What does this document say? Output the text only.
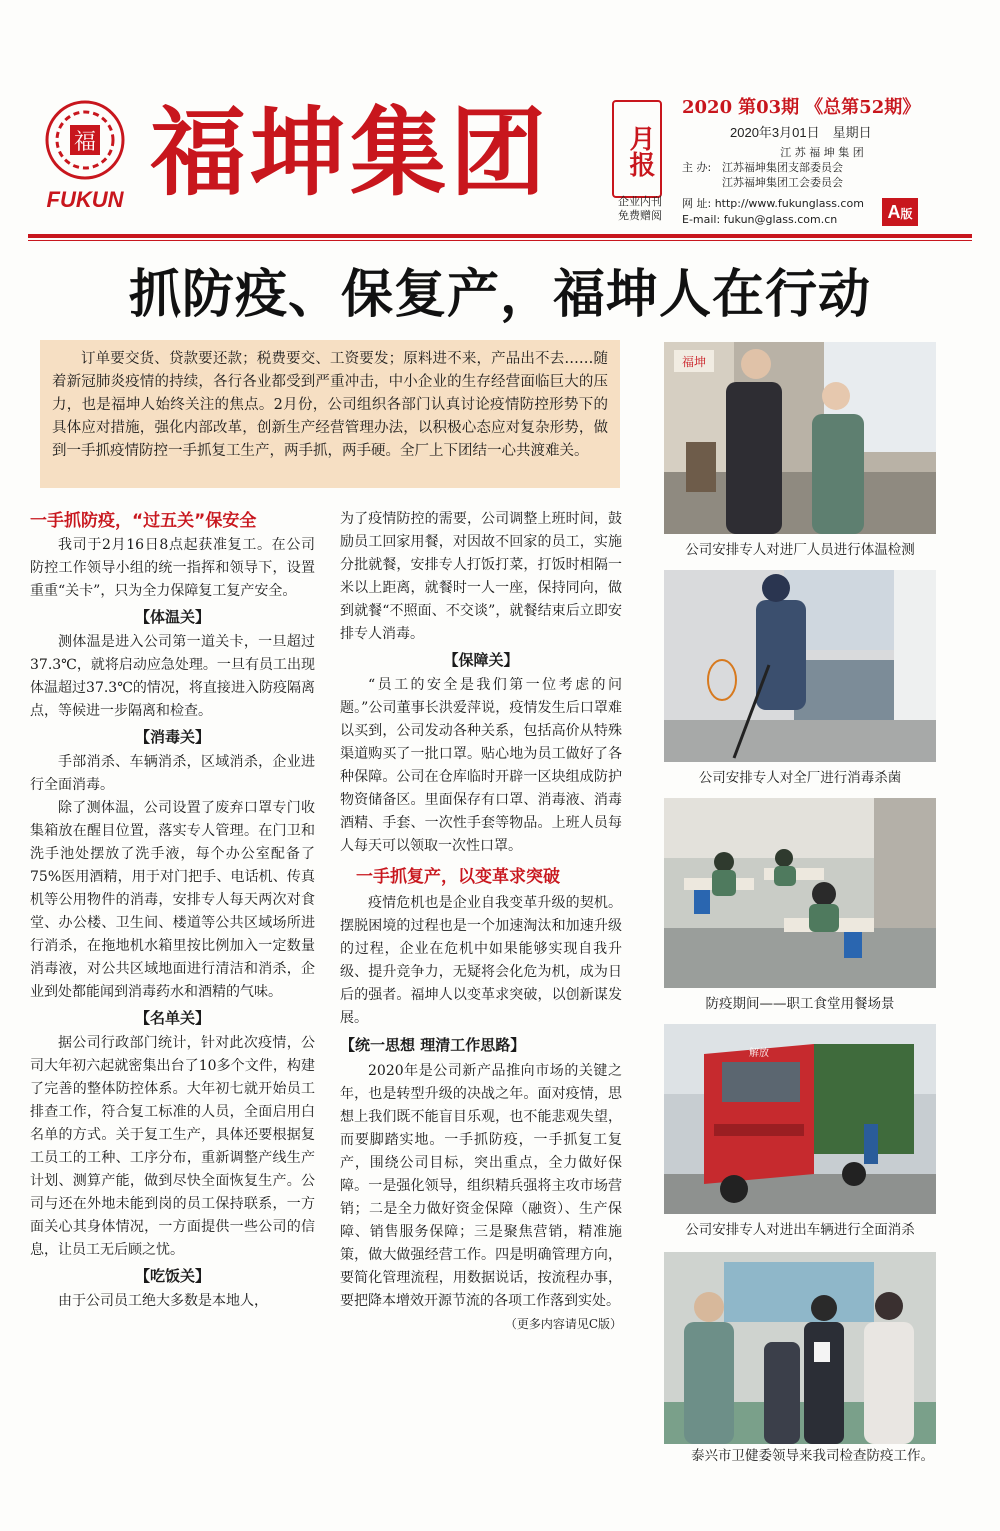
福
FUKUN 福坤集团	月报
企业内刊
免费赠阅
2020 第03期 《总第52期》
2020年3月01日　星期日
主 办:
江 苏 福 坤 集 团
江苏福坤集团支部委员会
江苏福坤集团工会委员会
网 址: http://www.fukunglass.com
E-mail: fukun@glass.com.cn	A版
抓防疫、保复产，福坤人在行动
订单要交货、贷款要还款；税费要交、工资要发；原料进不来，产品出不去……随着新冠肺炎疫情的持续，各行各业都受到严重冲击，中小企业的生存经营面临巨大的压力，也是福坤人始终关注的焦点。2月份，公司组织各部门认真讨论疫情防控形势下的具体应对措施，强化内部改革，创新生产经营管理办法，以积极心态应对复杂形势，做到一手抓疫情防控一手抓复工生产，两手抓，两手硬。全厂上下团结一心共渡难关。
一手抓防疫，“过五关”保安全

我司于2月16日8点起获准复工。在公司防控工作领导小组的统一指挥和领导下，设置重重“关卡”，只为全力保障复工复产安全。

【体温关】

测体温是进入公司第一道关卡，一旦超过37.3℃，就将启动应急处理。一旦有员工出现体温超过37.3℃的情况，将直接进入防疫隔离点，等候进一步隔离和检查。

【消毒关】

手部消杀、车辆消杀，区域消杀，企业进行全面消毒。

除了测体温，公司设置了废弃口罩专门收集箱放在醒目位置，落实专人管理。在门卫和洗手池处摆放了洗手液，每个办公室配备了75%医用酒精，用于对门把手、电话机、传真机等公用物件的消毒，安排专人每天两次对食堂、办公楼、卫生间、楼道等公共区域场所进行消杀，在拖地机水箱里按比例加入一定数量消毒液，对公共区域地面进行清洁和消杀，企业到处都能闻到消毒药水和酒精的气味。

【名单关】

据公司行政部门统计，针对此次疫情，公司大年初六起就密集出台了10多个文件，构建了完善的整体防控体系。大年初七就开始员工排查工作，符合复工标准的人员，全面启用白名单的方式。关于复工生产，具体还要根据复工员工的工种、工序分布，重新调整产线生产计划、测算产能，做到尽快全面恢复生产。公司与还在外地未能到岗的员工保持联系，一方面关心其身体情况，一方面提供一些公司的信息，让员工无后顾之忧。

【吃饭关】

由于公司员工绝大多数是本地人，

为了疫情防控的需要，公司调整上班时间，鼓励员工回家用餐，对因故不回家的员工，实施分批就餐，安排专人打饭打菜，打饭时相隔一米以上距离，就餐时一人一座，保持同向，做到就餐“不照面、不交谈”，就餐结束后立即安排专人消毒。

【保障关】

“员工的安全是我们第一位考虑的问题。”公司董事长洪爱萍说，疫情发生后口罩难以买到，公司发动各种关系，包括高价从特殊渠道购买了一批口罩。贴心地为员工做好了各种保障。公司在仓库临时开辟一区块组成防护物资储备区。里面保存有口罩、消毒液、消毒酒精、手套、一次性手套等物品。上班人员每人每天可以领取一次性口罩。

一手抓复产，以变革求突破

疫情危机也是企业自我变革升级的契机。摆脱困境的过程也是一个加速淘汰和加速升级的过程，企业在危机中如果能够实现自我升级、提升竞争力，无疑将会化危为机，成为日后的强者。福坤人以变革求突破，以创新谋发展。

【统一思想 理清工作思路】

2020年是公司新产品推向市场的关键之年，也是转型升级的决战之年。面对疫情，思想上我们既不能盲目乐观，也不能悲观失望，而要脚踏实地。一手抓防疫，一手抓复工复产，围绕公司目标，突出重点，全力做好保障。一是强化领导，组织精兵强将主攻市场营销；二是全力做好资金保障（融资）、生产保障、销售服务保障；三是聚焦营销，精准施策，做大做强经营工作。四是明确管理方向，要简化管理流程，用数据说话，按流程办事，要把降本增效开源节流的各项工作落到实处。

（更多内容请见C版）
福坤
公司安排专人对进厂人员进行体温检测
公司安排专人对全厂进行消毒杀菌
防疫期间——职工食堂用餐场景
解放
公司安排专人对进出车辆进行全面消杀
泰兴市卫健委领导来我司检查防疫工作。
